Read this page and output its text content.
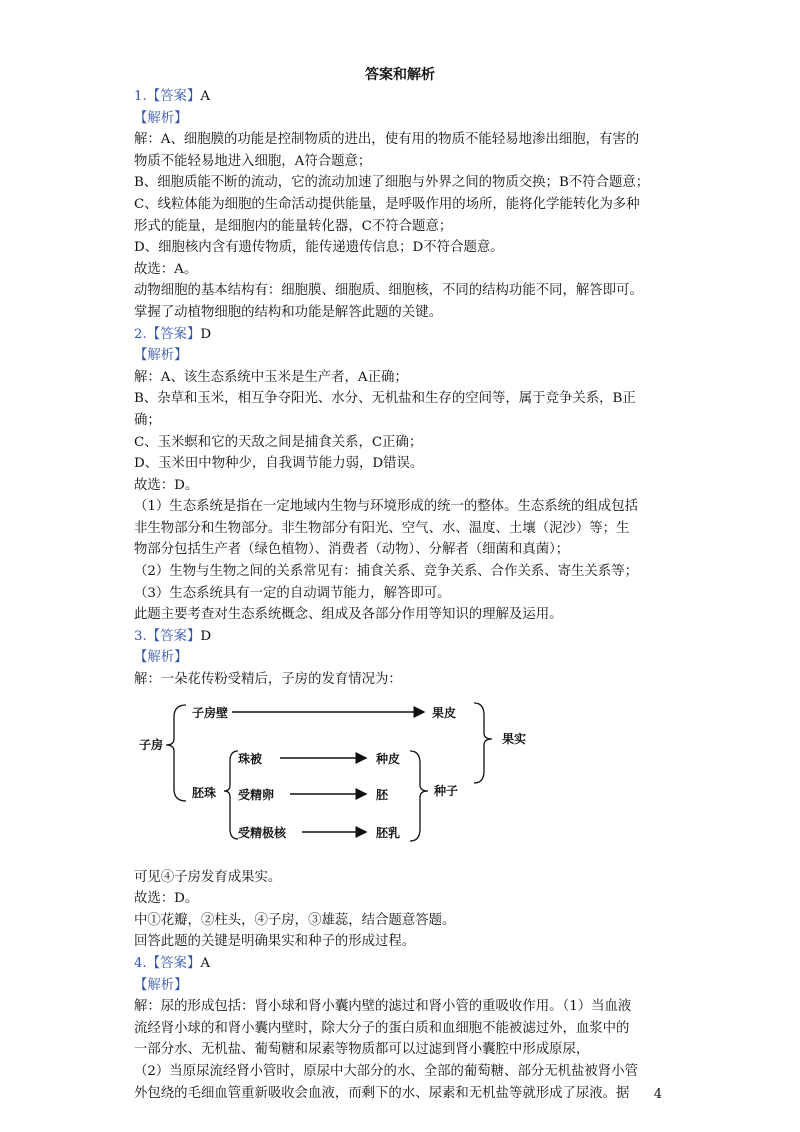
答案和解析

1.【答案】A

【解析】

解：A、细胞膜的功能是控制物质的进出，使有用的物质不能轻易地渗出细胞，有害的

物质不能轻易地进入细胞，A符合题意；

B、细胞质能不断的流动，它的流动加速了细胞与外界之间的物质交换；B不符合题意；

C、线粒体能为细胞的生命活动提供能量，是呼吸作用的场所，能将化学能转化为多种

形式的能量，是细胞内的能量转化器，C不符合题意；

D、细胞核内含有遗传物质，能传递遗传信息；D不符合题意。

故选：A。

动物细胞的基本结构有：细胞膜、细胞质、细胞核，不同的结构功能不同，解答即可。

掌握了动植物细胞的结构和功能是解答此题的关键。

2.【答案】D

【解析】

解：A、该生态系统中玉米是生产者，A正确；

B、杂草和玉米，相互争夺阳光、水分、无机盐和生存的空间等，属于竞争关系，B正

确；

C、玉米螟和它的天敌之间是捕食关系，C正确；

D、玉米田中物种少，自我调节能力弱，D错误。

故选：D。

（1）生态系统是指在一定地域内生物与环境形成的统一的整体。生态系统的组成包括

非生物部分和生物部分。非生物部分有阳光、空气、水、温度、土壤（泥沙）等；生

物部分包括生产者（绿色植物）、消费者（动物）、分解者（细菌和真菌）；

（2）生物与生物之间的关系常见有：捕食关系、竞争关系、合作关系、寄生关系等；

（3）生态系统具有一定的自动调节能力，解答即可。

此题主要考查对生态系统概念、组成及各部分作用等知识的理解及运用。

3.【答案】D

【解析】

解：一朵花传粉受精后，子房的发育情况为：

子房
子房壁	果皮
果实
胚珠
珠被	种皮
受精卵	胚
受精极核	胚乳
种子

可见④子房发育成果实。

故选：D。

中①花瓣，②柱头，④子房，③雄蕊，结合题意答题。

回答此题的关键是明确果实和种子的形成过程。

4.【答案】A

【解析】

解：尿的形成包括：肾小球和肾小囊内壁的滤过和肾小管的重吸收作用。（1）当血液

流经肾小球的和肾小囊内壁时，除大分子的蛋白质和血细胞不能被滤过外，血浆中的

一部分水、无机盐、葡萄糖和尿素等物质都可以过滤到肾小囊腔中形成原尿，

（2）当原尿流经肾小管时，原尿中大部分的水、全部的葡萄糖、部分无机盐被肾小管

外包绕的毛细血管重新吸收会血液，而剩下的水、尿素和无机盐等就形成了尿液。据	4
